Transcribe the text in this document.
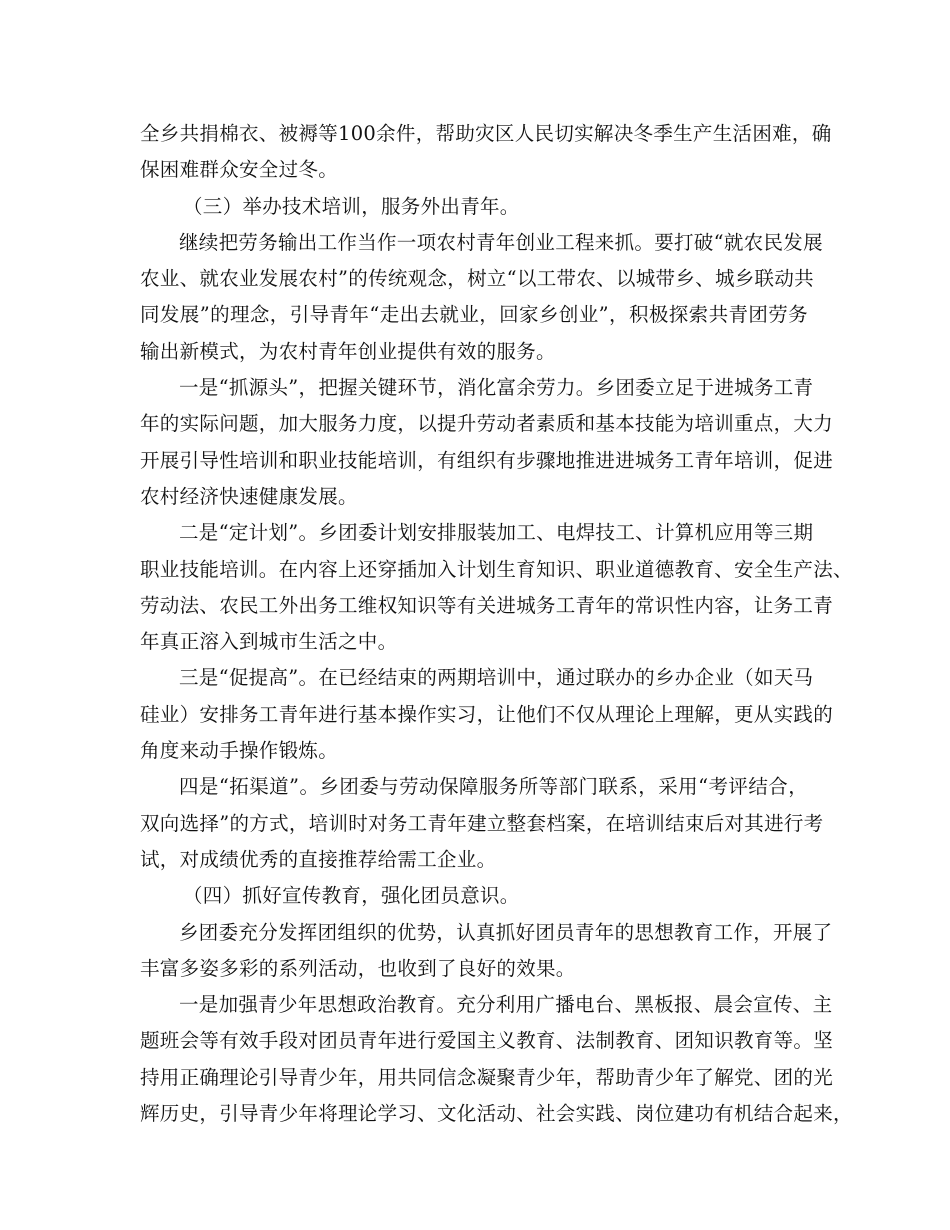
全乡共捐棉衣、被褥等100余件，帮助灾区人民切实解决冬季生产生活困难，确
保困难群众安全过冬。
（三）举办技术培训，服务外出青年。
继续把劳务输出工作当作一项农村青年创业工程来抓。要打破“就农民发展
农业、就农业发展农村”的传统观念，树立“以工带农、以城带乡、城乡联动共
同发展”的理念，引导青年“走出去就业，回家乡创业”，积极探索共青团劳务
输出新模式，为农村青年创业提供有效的服务。
一是“抓源头”，把握关键环节，消化富余劳力。乡团委立足于进城务工青
年的实际问题，加大服务力度，以提升劳动者素质和基本技能为培训重点，大力
开展引导性培训和职业技能培训，有组织有步骤地推进进城务工青年培训，促进
农村经济快速健康发展。
二是“定计划”。乡团委计划安排服装加工、电焊技工、计算机应用等三期
职业技能培训。在内容上还穿插加入计划生育知识、职业道德教育、安全生产法、
劳动法、农民工外出务工维权知识等有关进城务工青年的常识性内容，让务工青
年真正溶入到城市生活之中。
三是“促提高”。在已经结束的两期培训中，通过联办的乡办企业（如天马
硅业）安排务工青年进行基本操作实习，让他们不仅从理论上理解，更从实践的
角度来动手操作锻炼。
四是“拓渠道”。乡团委与劳动保障服务所等部门联系，采用“考评结合，
双向选择”的方式，培训时对务工青年建立整套档案，在培训结束后对其进行考
试，对成绩优秀的直接推荐给需工企业。
（四）抓好宣传教育，强化团员意识。
乡团委充分发挥团组织的优势，认真抓好团员青年的思想教育工作，开展了
丰富多姿多彩的系列活动，也收到了良好的效果。
一是加强青少年思想政治教育。充分利用广播电台、黑板报、晨会宣传、主
题班会等有效手段对团员青年进行爱国主义教育、法制教育、团知识教育等。坚
持用正确理论引导青少年，用共同信念凝聚青少年，帮助青少年了解党、团的光
辉历史，引导青少年将理论学习、文化活动、社会实践、岗位建功有机结合起来，
